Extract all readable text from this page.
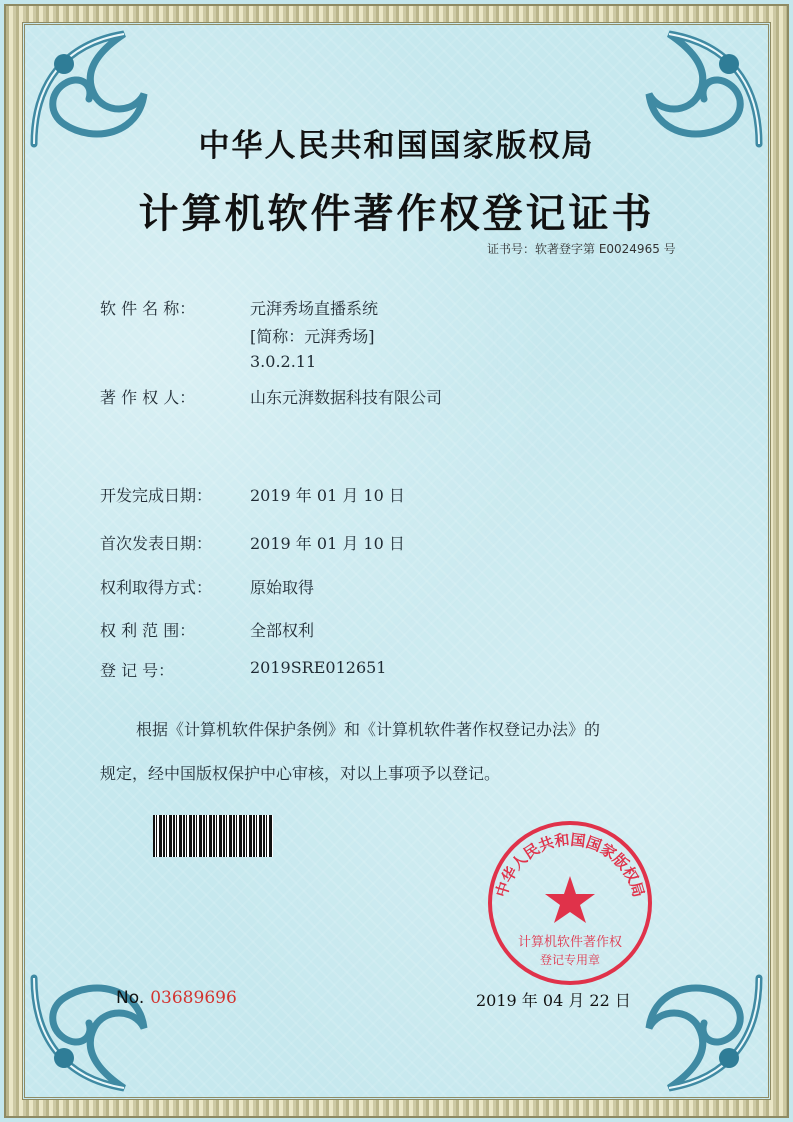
中华人民共和国国家版权局
计算机软件著作权登记证书
证书号：软著登字第 E0024965 号
软 件 名 称：	元湃秀场直播系统
[简称：元湃秀场]
3.0.2.11
著 作 权 人：	山东元湃数据科技有限公司
开发完成日期：	2019 年 01 月 10 日
首次发表日期：	2019 年 01 月 10 日
权利取得方式：	原始取得
权 利 范 围：	全部权利
登 记 号：	2019SRE012651
根据《计算机软件保护条例》和《计算机软件著作权登记办法》的
规定，经中国版权保护中心审核，对以上事项予以登记。
中华人民共和国国家版权局
计算机软件著作权
登记专用章
No. 03689696	2019 年 04 月 22 日
